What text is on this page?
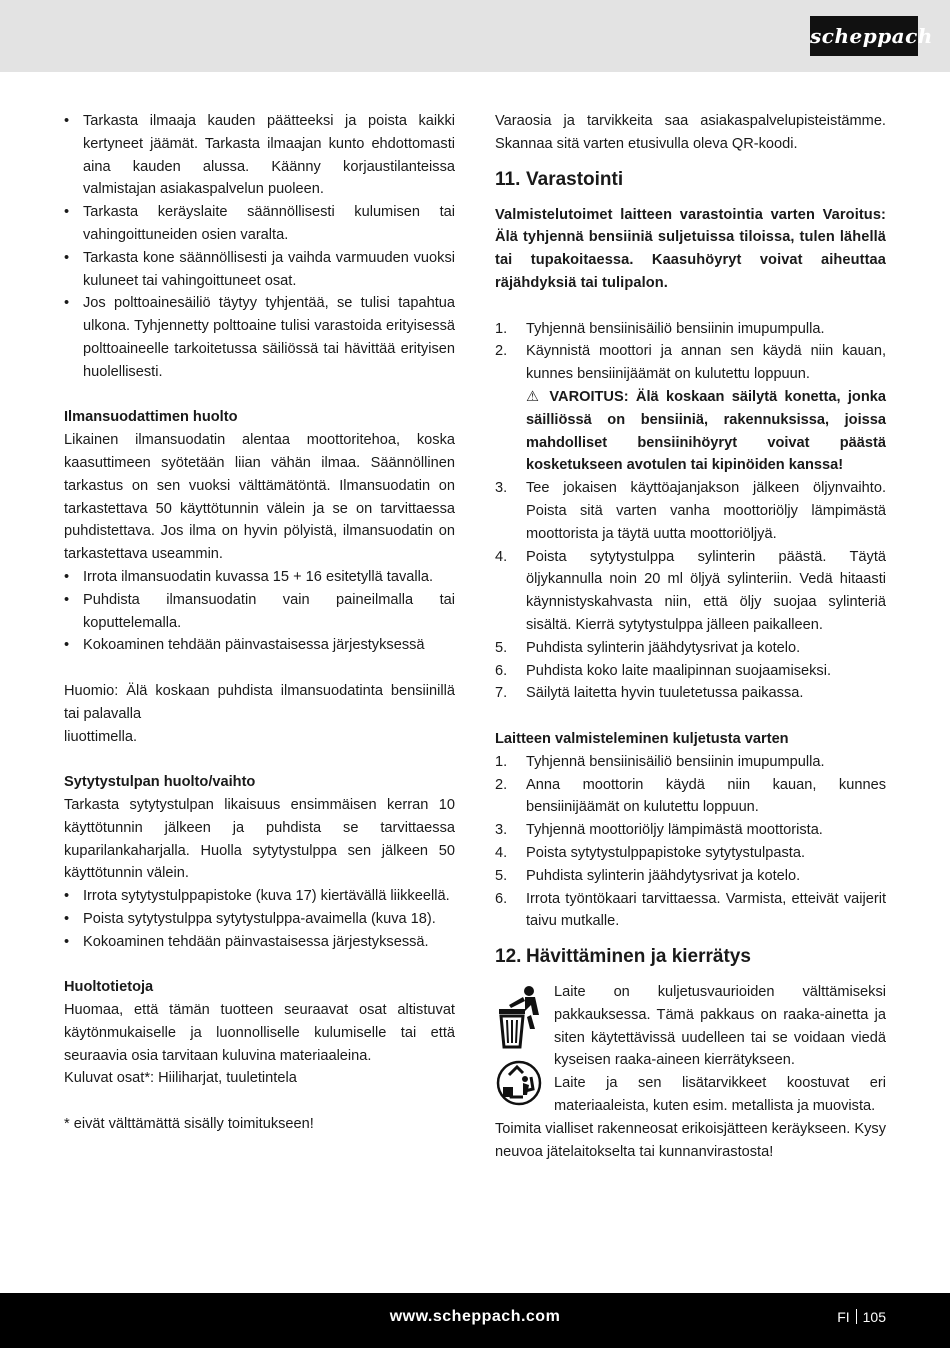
scheppach
• Tarkasta ilmaaja kauden päätteeksi ja poista kaikki kertyneet jäämät. Tarkasta ilmaajan kunto ehdottomasti aina kauden alussa. Käänny korjaustilanteissa valmistajan asiakaspalvelun puoleen.
• Tarkasta keräyslaite säännöllisesti kulumisen tai vahingoittuneiden osien varalta.
• Tarkasta kone säännöllisesti ja vaihda varmuuden vuoksi kuluneet tai vahingoittuneet osat.
• Jos polttoainesäiliö täytyy tyhjentää, se tulisi tapahtua ulkona. Tyhjennetty polttoaine tulisi varastoida erityisessä polttoaineelle tarkoitetussa säiliössä tai hävittää erityisen huolellisesti.
Ilmansuodattimen huolto
Likainen ilmansuodatin alentaa moottoritehoa, koska kaasuttimeen syötetään liian vähän ilmaa. Säännöllinen tarkastus on sen vuoksi välttämätöntä. Ilmansuodatin on tarkastettava 50 käyttötunnin välein ja se on tarvittaessa puhdistettava. Jos ilma on hyvin pölyistä, ilmansuodatin on tarkastettava useammin.
• Irrota ilmansuodatin kuvassa 15 + 16 esitetyllä tavalla.
• Puhdista ilmansuodatin vain paineilmalla tai koputtelemalla.
• Kokoaminen tehdään päinvastaisessa järjestyksessä
Huomio: Älä koskaan puhdista ilmansuodatinta bensiinillä tai palavalla
liuottimella.
Sytytystulpan huolto/vaihto
Tarkasta sytytystulpan likaisuus ensimmäisen kerran 10 käyttötunnin jälkeen ja puhdista se tarvittaessa kuparilankaharjalla. Huolla sytytystulppa sen jälkeen 50 käyttötunnin välein.
• Irrota sytytystulppapistoke (kuva 17) kiertävällä liikkeellä.
• Poista sytytystulppa sytytystulppa-avaimella (kuva 18).
• Kokoaminen tehdään päinvastaisessa järjestyksessä.
Huoltotietoja
Huomaa, että tämän tuotteen seuraavat osat altistuvat käytönmukaiselle ja luonnolliselle kulumiselle tai että seuraavia osia tarvitaan kuluvina materiaaleina.
Kuluvat osat*: Hiiliharjat, tuuletintela
* eivät välttämättä sisälly toimitukseen!
Varaosia ja tarvikkeita saa asiakaspalvelupisteistämme. Skannaa sitä varten etusivulla oleva QR-koodi.
11. Varastointi
Valmistelutoimet laitteen varastointia varten Varoitus: Älä tyhjennä bensiiniä suljetuissa tiloissa, tulen lähellä tai tupakoitaessa. Kaasuhöyryt voivat aiheuttaa räjähdyksiä tai tulipalon.
1. Tyhjennä bensiinisäiliö bensiinin imupumpulla.
2. Käynnistä moottori ja annan sen käydä niin kauan, kunnes bensiinijäämät on kulutettu loppuun.
⚠ VAROITUS: Älä koskaan säilytä konetta, jonka säilliössä on bensiiniä, rakennuksissa, joissa mahdolliset bensiinihöyryt voivat päästä kosketukseen avotulen tai kipinöiden kanssa!
3. Tee jokaisen käyttöajanjakson jälkeen öljynvaihto. Poista sitä varten vanha moottoriöljy lämpimästä moottorista ja täytä uutta moottoriöljyä.
4. Poista sytytystulppa sylinterin päästä. Täytä öljykannulla noin 20 ml öljyä sylinteriin. Vedä hitaasti käynnistyskahvasta niin, että öljy suojaa sylinteriä sisältä. Kierrä sytytystulppa jälleen paikalleen.
5. Puhdista sylinterin jäähdytysrivat ja kotelo.
6. Puhdista koko laite maalipinnan suojaamiseksi.
7. Säilytä laitetta hyvin tuuletetussa paikassa.
Laitteen valmisteleminen kuljetusta varten
1. Tyhjennä bensiinisäiliö bensiinin imupumpulla.
2. Anna moottorin käydä niin kauan, kunnes bensiinijäämät on kulutettu loppuun.
3. Tyhjennä moottoriöljy lämpimästä moottorista.
4. Poista sytytystulppapistoke sytytystulpasta.
5. Puhdista sylinterin jäähdytysrivat ja kotelo.
6. Irrota työntökaari tarvittaessa. Varmista, etteivät vaijerit taivu mutkalle.
12. Hävittäminen ja kierrätys
Laite on kuljetusvaurioiden välttämiseksi pakkauksessa. Tämä pakkaus on raaka-ainetta ja siten käytettävissä uudelleen tai se voidaan viedä kyseisen raaka-aineen kierrätykseen.
Laite ja sen lisätarvikkeet koostuvat eri materiaaleista, kuten esim. metallista ja muovista.
Toimita vialliset rakenneosat erikoisjätteen keräykseen. Kysy neuvoa jätelaitokselta tai kunnanvirastosta!
www.scheppach.com	FI 105
